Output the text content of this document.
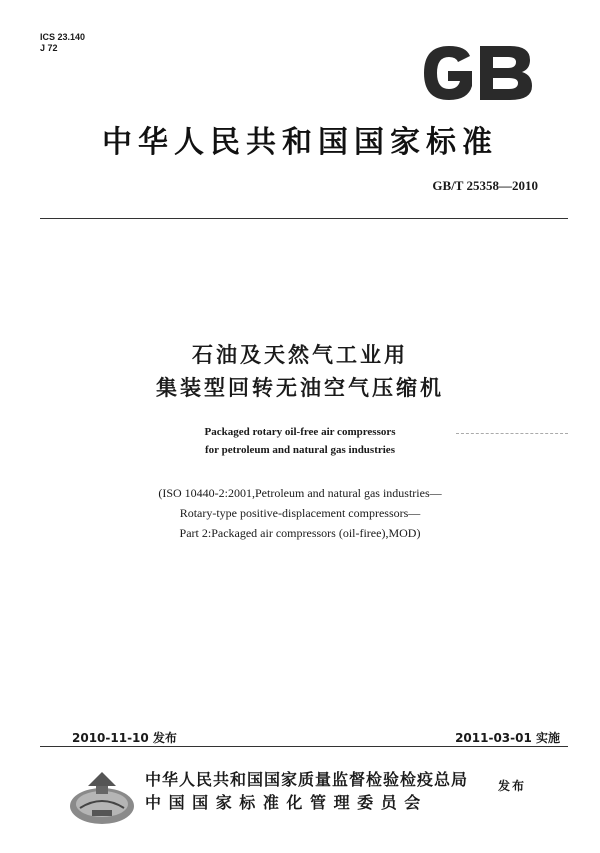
ICS 23.140
J 72
中华人民共和国国家标准
GB/T 25358—2010
石油及天然气工业用
集装型回转无油空气压缩机
Packaged rotary oil-free air compressors
for petroleum and natural gas industries
(ISO 10440-2:2001,Petroleum and natural gas industries—
Rotary-type positive-displacement compressors—
Part 2:Packaged air compressors (oil-firee),MOD)
2010-11-10 发布	2011-03-01 实施
中华人民共和国国家质量监督检验检疫总局
中 国 国 家 标 准 化 管 理 委 员 会
发布
